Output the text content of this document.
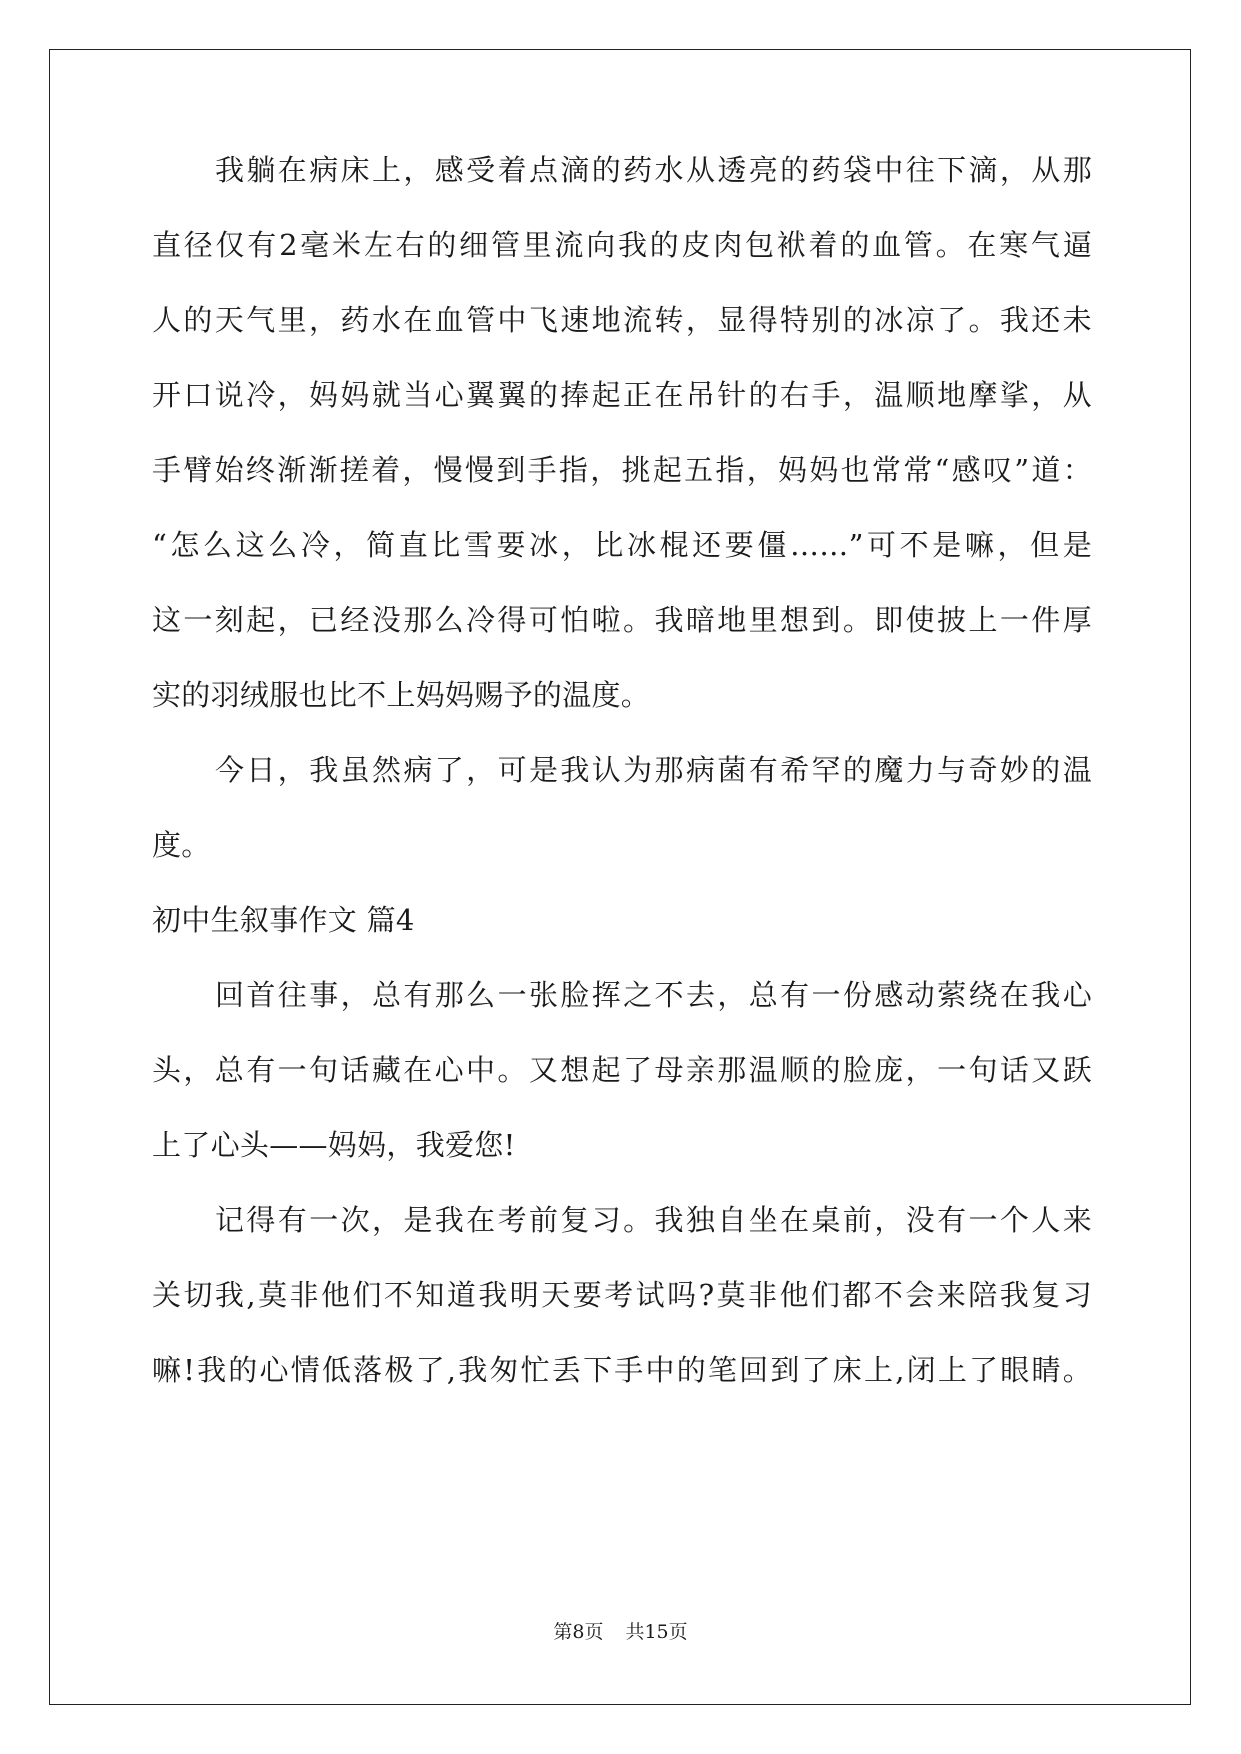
我躺在病床上，感受着点滴的药水从透亮的药袋中往下滴，从那
直径仅有2毫米左右的细管里流向我的皮肉包袱着的血管。在寒气逼
人的天气里，药水在血管中飞速地流转，显得特别的冰凉了。我还未
开口说冷，妈妈就当心翼翼的捧起正在吊针的右手，温顺地摩挲，从
手臂始终渐渐搓着，慢慢到手指，挑起五指，妈妈也常常“感叹”道：
“怎么这么冷，简直比雪要冰，比冰棍还要僵……”可不是嘛，但是
这一刻起，已经没那么冷得可怕啦。我暗地里想到。即使披上一件厚
实的羽绒服也比不上妈妈赐予的温度。
今日，我虽然病了，可是我认为那病菌有希罕的魔力与奇妙的温
度。
初中生叙事作文 篇4
回首往事，总有那么一张脸挥之不去，总有一份感动萦绕在我心
头，总有一句话藏在心中。又想起了母亲那温顺的脸庞，一句话又跃
上了心头——妈妈，我爱您!
记得有一次，是我在考前复习。我独自坐在桌前，没有一个人来
关切我,莫非他们不知道我明天要考试吗?莫非他们都不会来陪我复习
嘛!我的心情低落极了,我匆忙丢下手中的笔回到了床上,闭上了眼睛。
第8页 共15页
